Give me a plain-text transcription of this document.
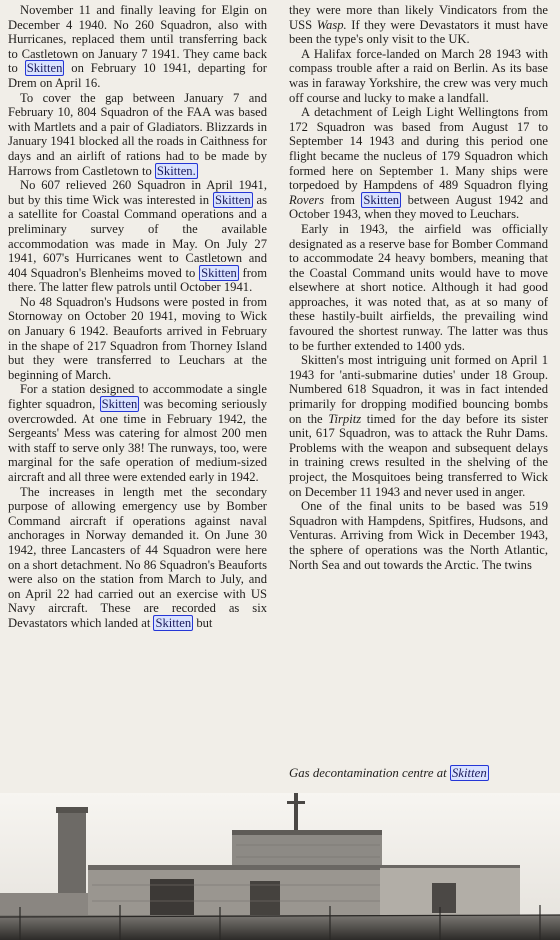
November 11 and finally leaving for Elgin on December 4 1940. No 260 Squadron, also with Hurricanes, replaced them until transferring back to Castletown on January 7 1941. They came back to Skitten on February 10 1941, departing for Drem on April 16.

To cover the gap between January 7 and February 10, 804 Squadron of the FAA was based with Martlets and a pair of Gladiators. Blizzards in January 1941 blocked all the roads in Caithness for days and an airlift of rations had to be made by Harrows from Castletown to Skitten.

No 607 relieved 260 Squadron in April 1941, but by this time Wick was interested in Skitten as a satellite for Coastal Command operations and a preliminary survey of the available accommodation was made in May. On July 27 1941, 607's Hurricanes went to Castletown and 404 Squadron's Blenheims moved to Skitten from there. The latter flew patrols until October 1941.

No 48 Squadron's Hudsons were posted in from Stornoway on October 20 1941, moving to Wick on January 6 1942. Beauforts arrived in February in the shape of 217 Squadron from Thorney Island but they were transferred to Leuchars at the beginning of March.

For a station designed to accommodate a single fighter squadron, Skitten was becoming seriously overcrowded. At one time in February 1942, the Sergeants' Mess was catering for almost 200 men with staff to serve only 38! The runways, too, were marginal for the safe operation of medium-sized aircraft and all three were extended early in 1942.

The increases in length met the secondary purpose of allowing emergency use by Bomber Command aircraft if operations against naval anchorages in Norway demanded it. On June 30 1942, three Lancasters of 44 Squadron were here on a short detachment. No 86 Squadron's Beauforts were also on the station from March to July, and on April 22 had carried out an exercise with US Navy aircraft. These are recorded as six Devastators which landed at Skitten but

they were more than likely Vindicators from the USS Wasp. If they were Devastators it must have been the type's only visit to the UK.

A Halifax force-landed on March 28 1943 with compass trouble after a raid on Berlin. As its base was in faraway Yorkshire, the crew was very much off course and lucky to make a landfall.

A detachment of Leigh Light Wellingtons from 172 Squadron was based from August 17 to September 14 1943 and during this period one flight became the nucleus of 179 Squadron which formed here on September 1. Many ships were torpedoed by Hampdens of 489 Squadron flying Rovers from Skitten between August 1942 and October 1943, when they moved to Leuchars.

Early in 1943, the airfield was officially designated as a reserve base for Bomber Command to accommodate 24 heavy bombers, meaning that the Coastal Command units would have to move elsewhere at short notice. Although it had good approaches, it was noted that, as at so many of these hastily-built airfields, the prevailing wind favoured the shortest runway. The latter was thus to be further extended to 1400 yds.

Skitten's most intriguing unit formed on April 1 1943 for 'anti-submarine duties' under 18 Group. Numbered 618 Squadron, it was in fact intended primarily for dropping modified bouncing bombs on the Tirpitz timed for the day before its sister unit, 617 Squadron, was to attack the Ruhr Dams. Problems with the weapon and subsequent delays in training crews resulted in the shelving of the project, the Mosquitoes being transferred to Wick on December 11 1943 and never used in anger.

One of the final units to be based was 519 Squadron with Hampdens, Spitfires, Hudsons, and Venturas. Arriving from Wick in December 1943, the sphere of operations was the North Atlantic, North Sea and out towards the Arctic. The twins

Gas decontamination centre at Skitten
